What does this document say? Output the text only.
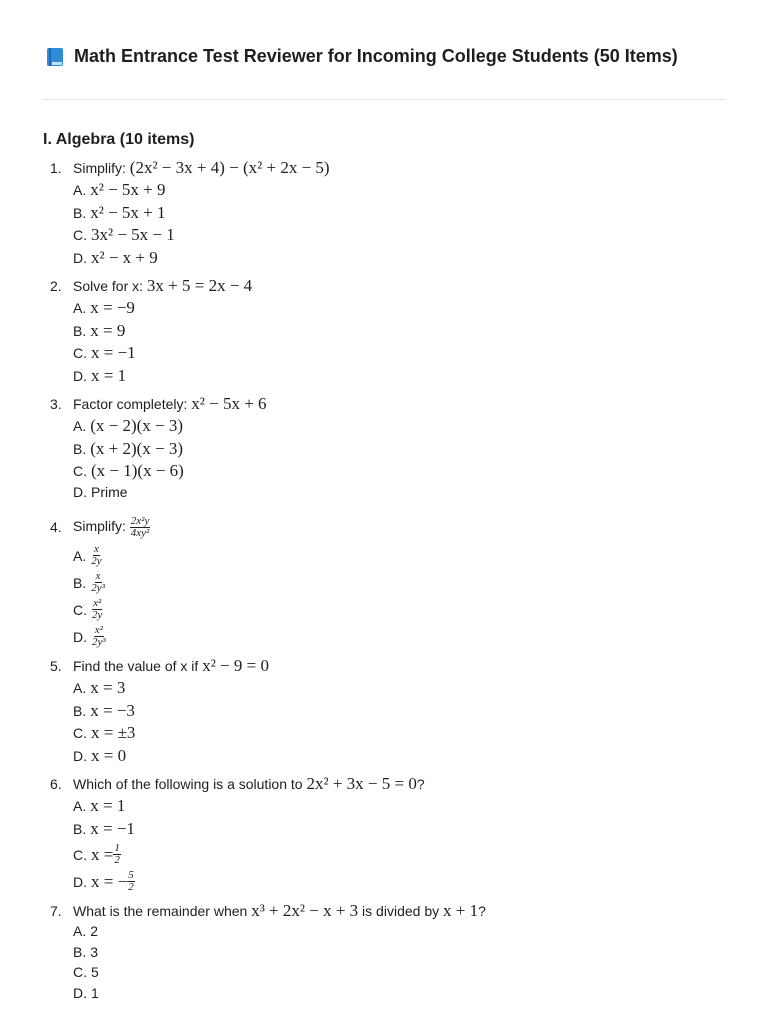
Math Entrance Test Reviewer for Incoming College Students (50 Items)
I. Algebra (10 items)
1. Simplify: (2x² − 3x + 4) − (x² + 2x − 5)
A. x² − 5x + 9
B. x² − 5x + 1
C. 3x² − 5x − 1
D. x² − x + 9
2. Solve for x: 3x + 5 = 2x − 4
A. x = −9
B. x = 9
C. x = −1
D. x = 1
3. Factor completely: x² − 5x + 6
A. (x − 2)(x − 3)
B. (x + 2)(x − 3)
C. (x − 1)(x − 6)
D. Prime
4. Simplify: $\frac{\text{2x²y}}{\text{4xy²}}$
A. $\frac{x}{2y}$
B. $\frac{x}{\text{2y³}}$
C. $\frac{\text{x²}}{2y}$
D. $\frac{\text{x²}}{\text{2y³}}$
5. Find the value of x if x² − 9 = 0
A. x = 3
B. x = −3
C. x = ±3
D. x = 0
6. Which of the following is a solution to 2x² + 3x − 5 = 0?
A. x = 1
B. x = −1
C. $x = \frac{1}{2}$
D. x = − $\frac{5}{2}$
7. What is the remainder when x³ + 2x² − x + 3 is divided by x + 1?
A. 2
B. 3
C. 5
D. 1
